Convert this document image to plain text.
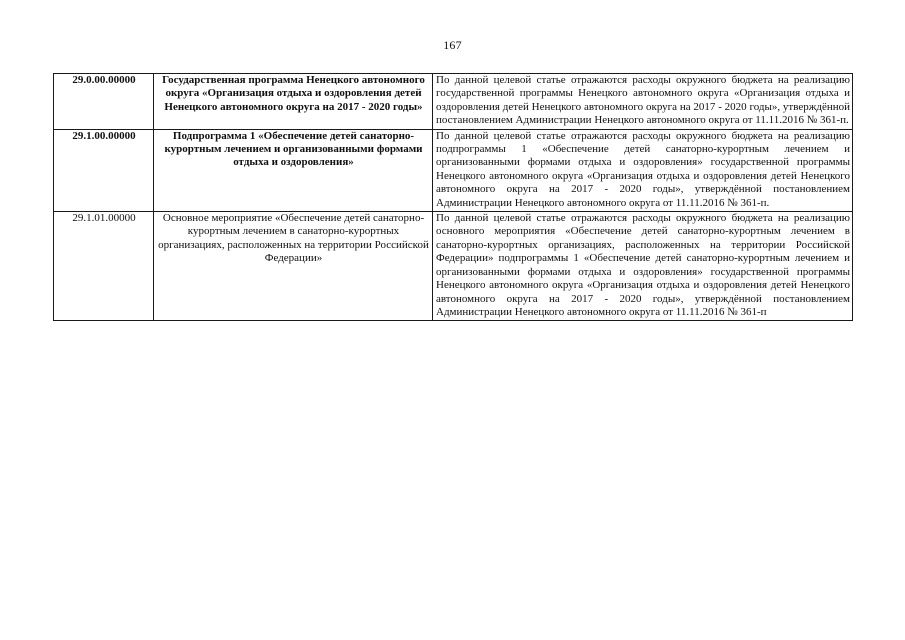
167
29.0.00.00000	Государственная программа Ненецкого автономного округа «Организация отдыха и оздоровления детей Ненецкого автономного округа на 2017 - 2020 годы»	По данной целевой статье отражаются расходы окружного бюджета на реализацию государственной программы Ненецкого автономного округа «Организация отдыха и оздоровления детей Ненецкого автономного округа на 2017 - 2020 годы», утверждённой постановлением Администрации Ненецкого автономного округа от 11.11.2016 № 361-п.
29.1.00.00000	Подпрограмма 1 «Обеспечение детей санаторно-курортным лечением и организованными формами отдыха и оздоровления»	По данной целевой статье отражаются расходы окружного бюджета на реализацию подпрограммы 1 «Обеспечение детей санаторно-курортным лечением и организованными формами отдыха и оздоровления» государственной программы Ненецкого автономного округа «Организация отдыха и оздоровления детей Ненецкого автономного округа на 2017 - 2020 годы», утверждённой постановлением Администрации Ненецкого автономного округа от 11.11.2016 № 361-п.
29.1.01.00000	Основное мероприятие «Обеспечение детей санаторно-курортным лечением в санаторно-курортных организациях, расположенных на территории Российской Федерации»	По данной целевой статье отражаются расходы окружного бюджета на реализацию основного мероприятия «Обеспечение детей санаторно-курортным лечением в санаторно-курортных организациях, расположенных на территории Российской Федерации» подпрограммы 1 «Обеспечение детей санаторно-курортным лечением и организованными формами отдыха и оздоровления» государственной программы Ненецкого автономного округа «Организация отдыха и оздоровления детей Ненецкого автономного округа на 2017 - 2020 годы», утверждённой постановлением Администрации Ненецкого автономного округа от 11.11.2016 № 361-п
